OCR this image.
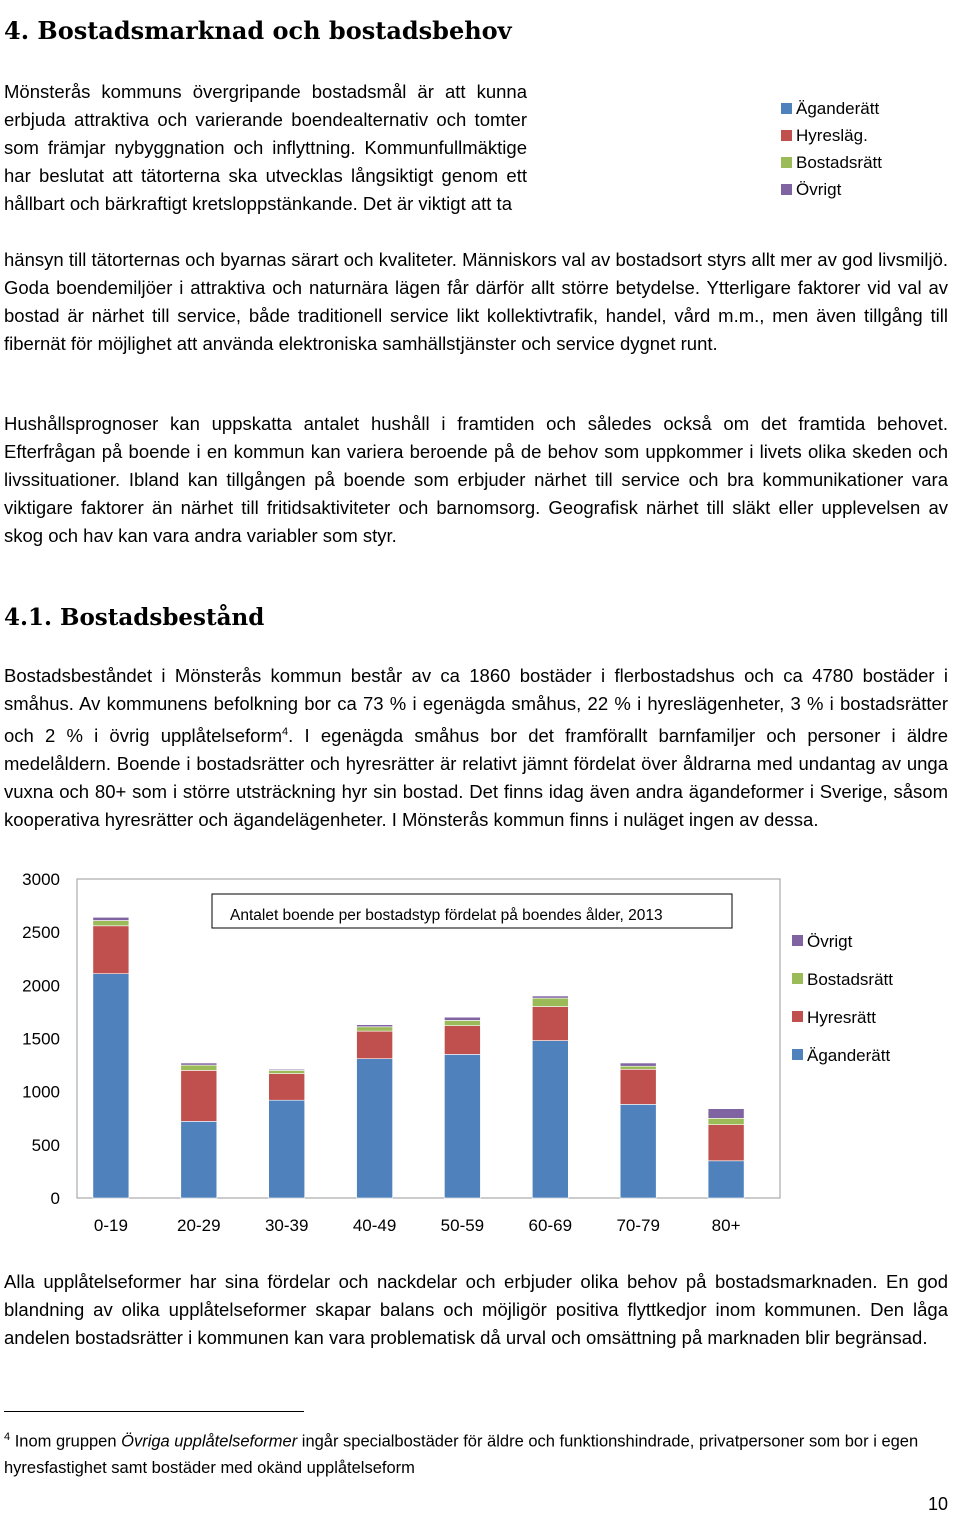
4. Bostadsmarknad och bostadsbehov

Mönsterås kommuns övergripande bostadsmål är att kunna erbjuda attraktiva och varierande boendealternativ och tomter som främjar nybyggnation och inflyttning. Kommunfullmäktige har beslutat att tätorterna ska utvecklas långsiktigt genom ett hållbart och bärkraftigt kretsloppstänkande. Det är viktigt att ta

Äganderätt
Hyresläg.
Bostadsrätt
Övrigt

hänsyn till tätorternas och byarnas särart och kvaliteter. Människors val av bostadsort styrs allt mer av god livsmiljö. Goda boendemiljöer i attraktiva och naturnära lägen får därför allt större betydelse. Ytterligare faktorer vid val av bostad är närhet till service, både traditionell service likt kollektivtrafik, handel, vård m.m., men även tillgång till fibernät för möjlighet att använda elektroniska samhällstjänster och service dygnet runt.

Hushållsprognoser kan uppskatta antalet hushåll i framtiden och således också om det framtida behovet. Efterfrågan på boende i en kommun kan variera beroende på de behov som uppkommer i livets olika skeden och livssituationer. Ibland kan tillgången på boende som erbjuder närhet till service och bra kommunikationer vara viktigare faktorer än närhet till fritidsaktiviteter och barnomsorg. Geografisk närhet till släkt eller upplevelsen av skog och hav kan vara andra variabler som styr.

4.1. Bostadsbestånd

Bostadsbeståndet i Mönsterås kommun består av ca 1860 bostäder i flerbostadshus och ca 4780 bostäder i småhus. Av kommunens befolkning bor ca 73 % i egenägda småhus, 22 % i hyreslägenheter, 3 % i bostadsrätter och 2 % i övrig upplåtelseform$^4$. I egenägda småhus bor det framförallt barnfamiljer och personer i äldre medelåldern. Boende i bostadsrätter och hyresrätter är relativt jämnt fördelat över åldrarna med undantag av unga vuxna och 80+ som i större utsträckning hyr sin bostad. Det finns idag även andra ägandeformer i Sverige, såsom kooperativa hyresrätter och ägandelägenheter. I Mönsterås kommun finns i nuläget ingen av dessa.

0
500
1000
1500
2000
2500
3000
0-19	20-29	30-39	40-49	50-59	60-69	70-79	80+
Antalet boende per bostadstyp fördelat på boendes ålder, 2013
Övrigt
Bostadsrätt
Hyresrätt
Äganderätt

Alla upplåtelseformer har sina fördelar och nackdelar och erbjuder olika behov på bostadsmarknaden. En god blandning av olika upplåtelseformer skapar balans och möjligör positiva flyttkedjor inom kommunen. Den låga andelen bostadsrätter i kommunen kan vara problematisk då urval och omsättning på marknaden blir begränsad.

$^4$ Inom gruppen Övriga upplåtelseformer ingår specialbostäder för äldre och funktionshindrade, privatpersoner som bor i egen hyresfastighet samt bostäder med okänd upplåtelseform

10
